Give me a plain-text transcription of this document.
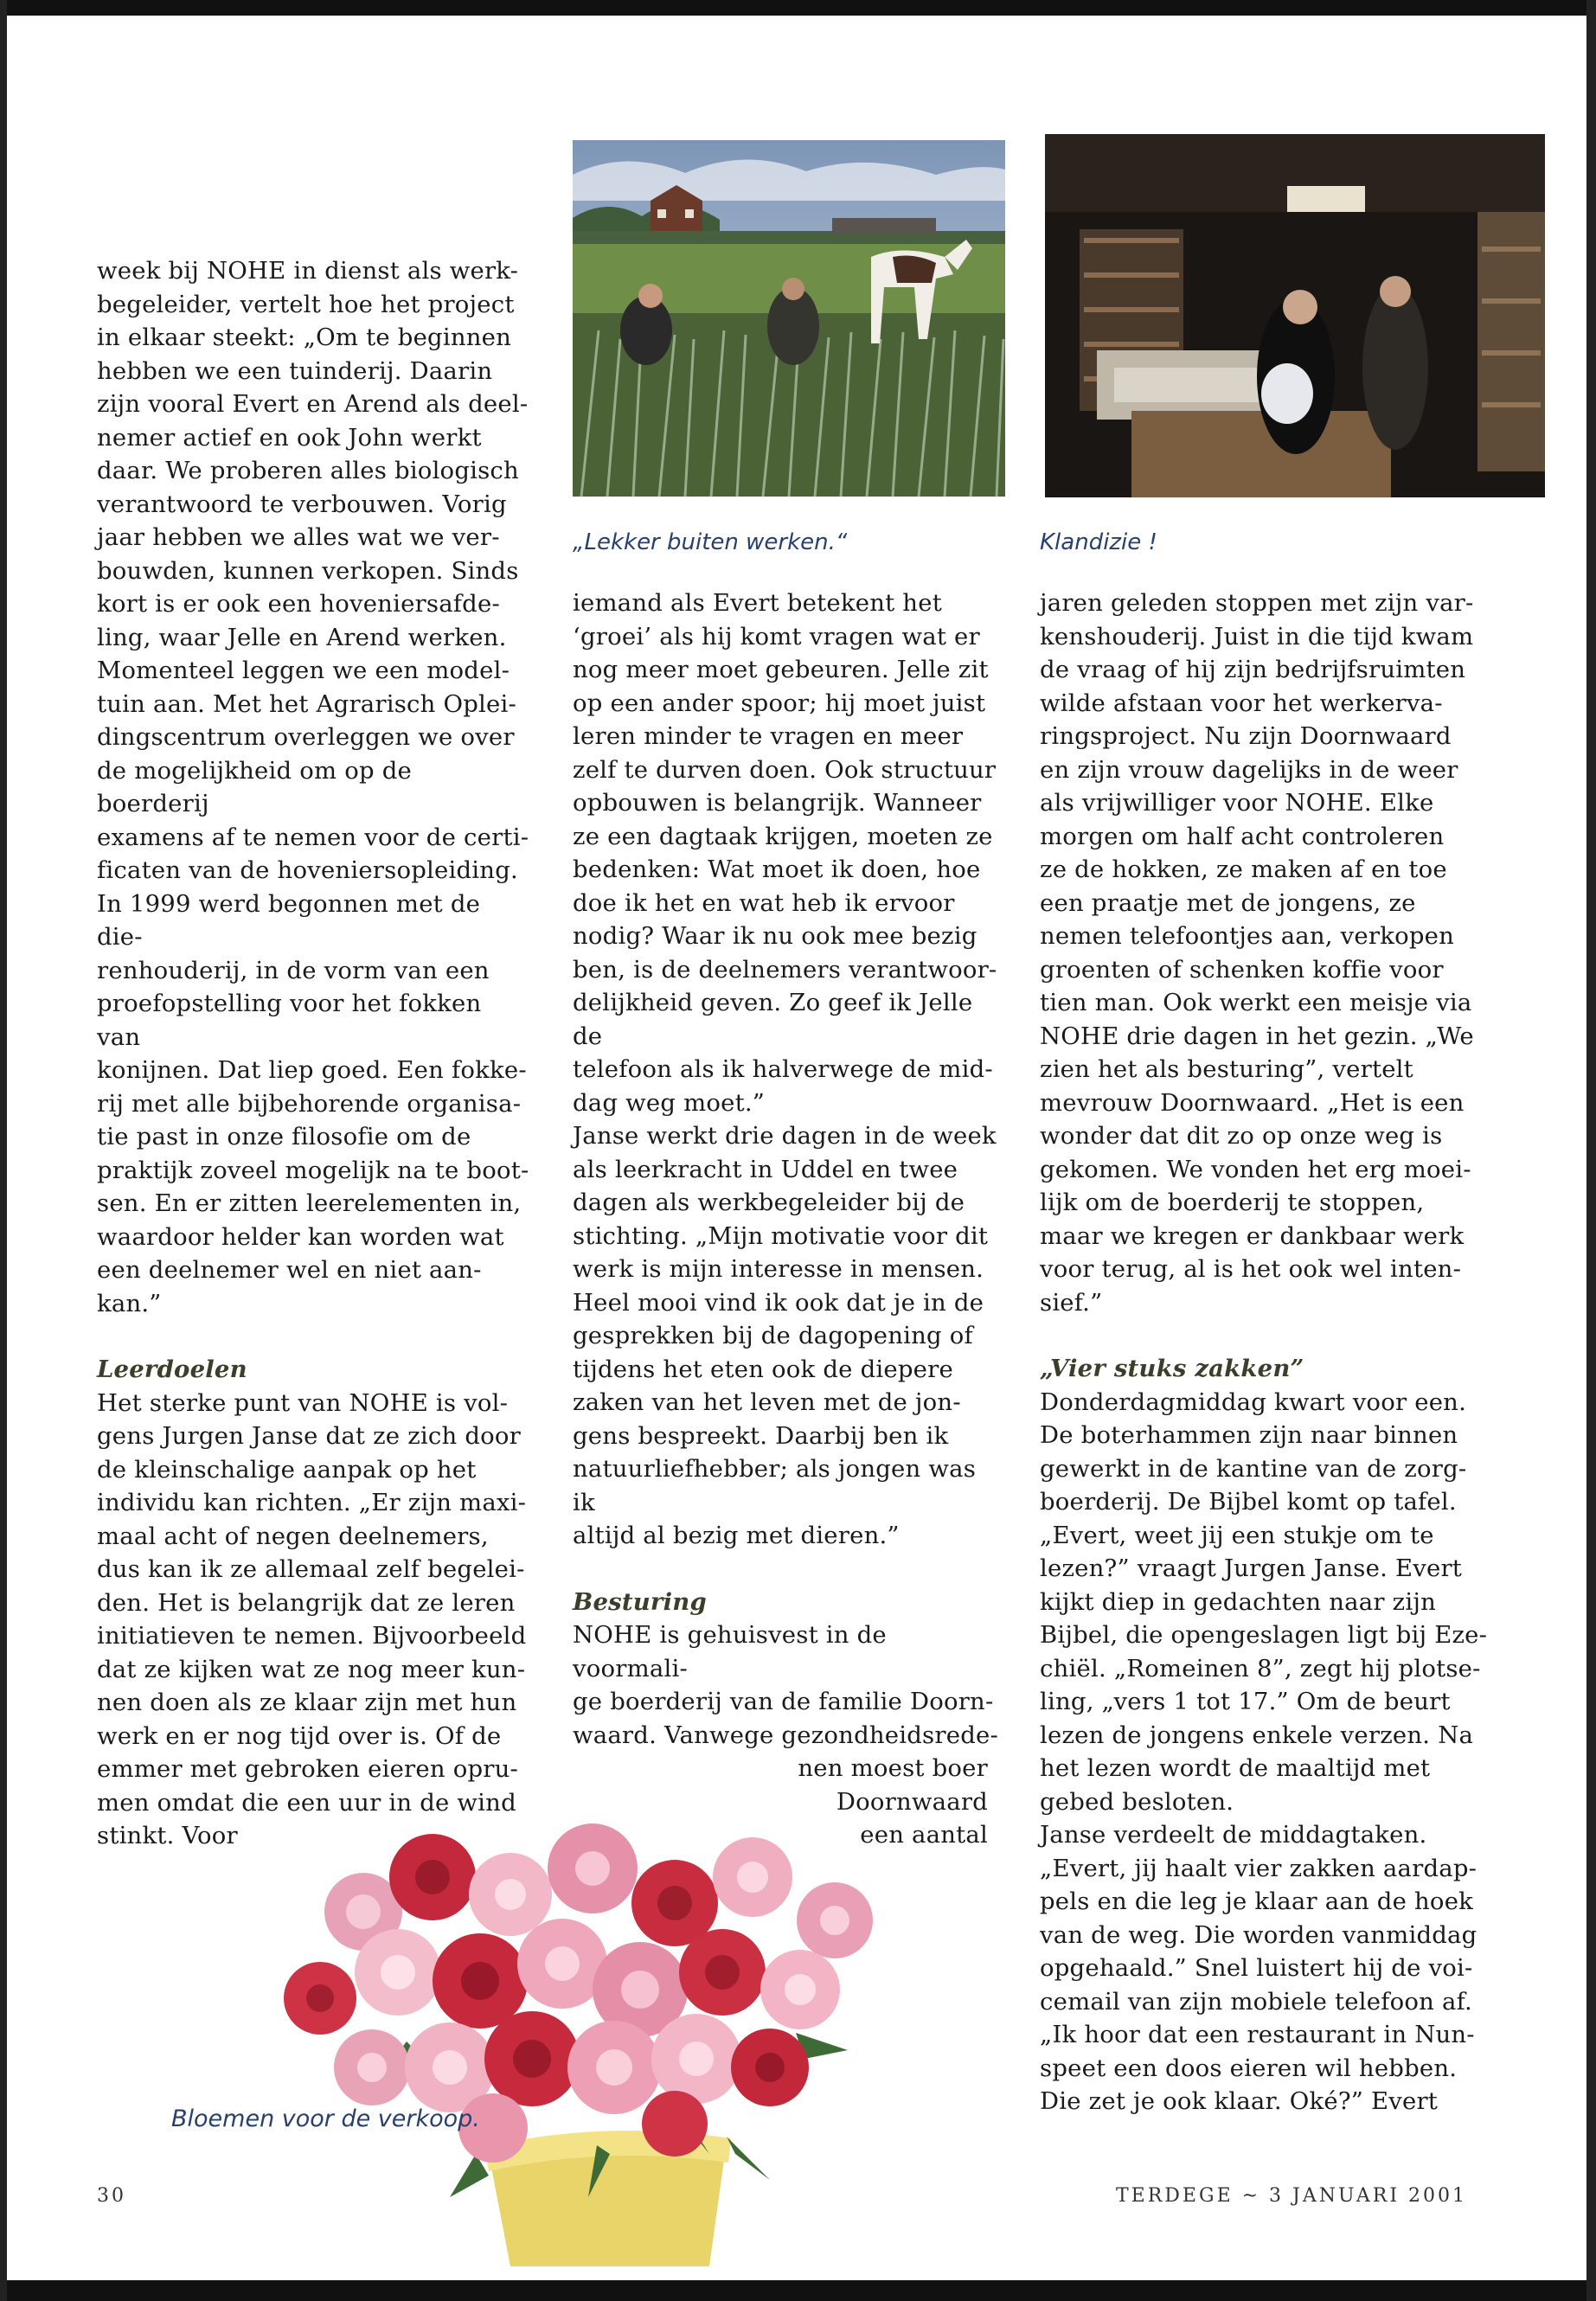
„Lekker buiten werken.“	Klandizie !

week bij NOHE in dienst als werk-

begeleider, vertelt hoe het project

in elkaar steekt: „Om te beginnen

hebben we een tuinderij. Daarin

zijn vooral Evert en Arend als deel-

nemer actief en ook John werkt

daar. We proberen alles biologisch

verantwoord te verbouwen. Vorig

jaar hebben we alles wat we ver-

bouwden, kunnen verkopen. Sinds

kort is er ook een hoveniersafde-

ling, waar Jelle en Arend werken.

Momenteel leggen we een model-

tuin aan. Met het Agrarisch Oplei-

dingscentrum overleggen we over

de mogelijkheid om op de boerderij

examens af te nemen voor de certi-

ficaten van de hoveniersopleiding.

In 1999 werd begonnen met de die-

renhouderij, in de vorm van een

proefopstelling voor het fokken van

konijnen. Dat liep goed. Een fokke-

rij met alle bijbehorende organisa-

tie past in onze filosofie om de

praktijk zoveel mogelijk na te boot-

sen. En er zitten leerelementen in,

waardoor helder kan worden wat

een deelnemer wel en niet aan-

kan.”

Leerdoelen

Het sterke punt van NOHE is vol-

gens Jurgen Janse dat ze zich door

de kleinschalige aanpak op het

individu kan richten. „Er zijn maxi-

maal acht of negen deelnemers,

dus kan ik ze allemaal zelf begelei-

den. Het is belangrijk dat ze leren

initiatieven te nemen. Bijvoorbeeld

dat ze kijken wat ze nog meer kun-

nen doen als ze klaar zijn met hun

werk en er nog tijd over is. Of de

emmer met gebroken eieren opru-

men omdat die een uur in de wind

stinkt. Voor

iemand als Evert betekent het

‘groei’ als hij komt vragen wat er

nog meer moet gebeuren. Jelle zit

op een ander spoor; hij moet juist

leren minder te vragen en meer

zelf te durven doen. Ook structuur

opbouwen is belangrijk. Wanneer

ze een dagtaak krijgen, moeten ze

bedenken: Wat moet ik doen, hoe

doe ik het en wat heb ik ervoor

nodig? Waar ik nu ook mee bezig

ben, is de deelnemers verantwoor-

delijkheid geven. Zo geef ik Jelle de

telefoon als ik halverwege de mid-

dag weg moet.”

Janse werkt drie dagen in de week

als leerkracht in Uddel en twee

dagen als werkbegeleider bij de

stichting. „Mijn motivatie voor dit

werk is mijn interesse in mensen.

Heel mooi vind ik ook dat je in de

gesprekken bij de dagopening of

tijdens het eten ook de diepere

zaken van het leven met de jon-

gens bespreekt. Daarbij ben ik

natuurliefhebber; als jongen was ik

altijd al bezig met dieren.”

Besturing

NOHE is gehuisvest in de voormali-

ge boerderij van de familie Doorn-

waard. Vanwege gezondheidsrede-

nen moest boer

Doornwaard

een aantal

jaren geleden stoppen met zijn var-

kenshouderij. Juist in die tijd kwam

de vraag of hij zijn bedrijfsruimten

wilde afstaan voor het werkerva-

ringsproject. Nu zijn Doornwaard

en zijn vrouw dagelijks in de weer

als vrijwilliger voor NOHE. Elke

morgen om half acht controleren

ze de hokken, ze maken af en toe

een praatje met de jongens, ze

nemen telefoontjes aan, verkopen

groenten of schenken koffie voor

tien man. Ook werkt een meisje via

NOHE drie dagen in het gezin. „We

zien het als besturing”, vertelt

mevrouw Doornwaard. „Het is een

wonder dat dit zo op onze weg is

gekomen. We vonden het erg moei-

lijk om de boerderij te stoppen,

maar we kregen er dankbaar werk

voor terug, al is het ook wel inten-

sief.”

„Vier stuks zakken”

Donderdagmiddag kwart voor een.

De boterhammen zijn naar binnen

gewerkt in de kantine van de zorg-

boerderij. De Bijbel komt op tafel.

„Evert, weet jij een stukje om te

lezen?” vraagt Jurgen Janse. Evert

kijkt diep in gedachten naar zijn

Bijbel, die opengeslagen ligt bij Eze-

chiël. „Romeinen 8”, zegt hij plotse-

ling, „vers 1 tot 17.” Om de beurt

lezen de jongens enkele verzen. Na

het lezen wordt de maaltijd met

gebed besloten.

Janse verdeelt de middagtaken.

„Evert, jij haalt vier zakken aardap-

pels en die leg je klaar aan de hoek

van de weg. Die worden vanmiddag

opgehaald.” Snel luistert hij de voi-

cemail van zijn mobiele telefoon af.

„Ik hoor dat een restaurant in Nun-

speet een doos eieren wil hebben.

Die zet je ook klaar. Oké?” Evert

Bloemen voor de verkoop.
30	TERDEGE ~ 3 JANUARI 2001
